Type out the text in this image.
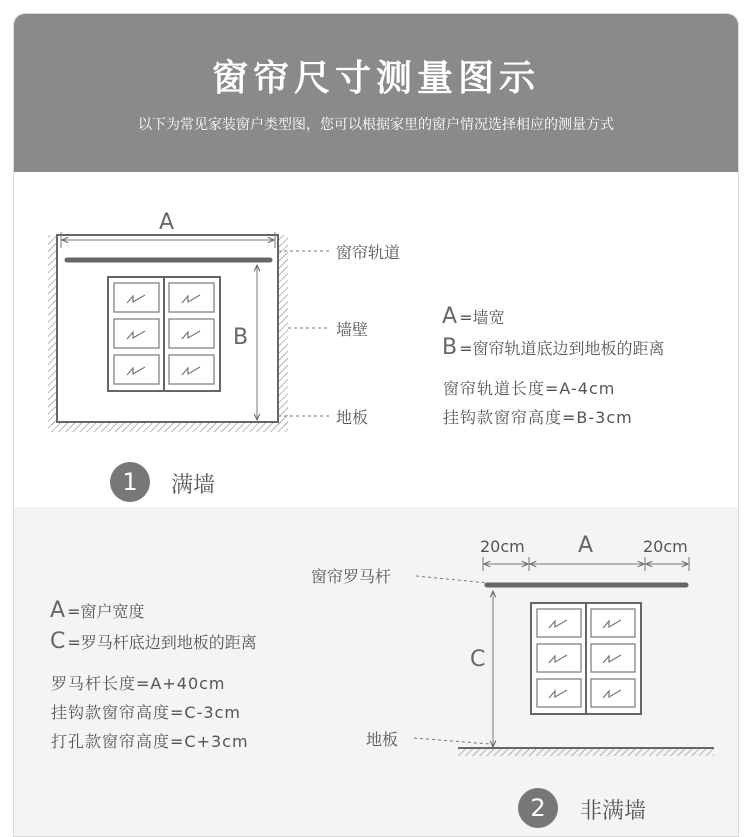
窗帘尺寸测量图示
以下为常见家装窗户类型图，您可以根据家里的窗户情况选择相应的测量方式
A
B
窗帘轨道
墙壁
地板
A =墙宽
B =窗帘轨道底边到地板的距离
窗帘轨道长度=A-4cm
挂钩款窗帘高度=B-3cm
1	满墙
20cm A	20cm
C
窗帘罗马杆
地板
A =窗户宽度
C =罗马杆底边到地板的距离
罗马杆长度=A+40cm
挂钩款窗帘高度=C-3cm
打孔款窗帘高度=C+3cm
2	非满墙
